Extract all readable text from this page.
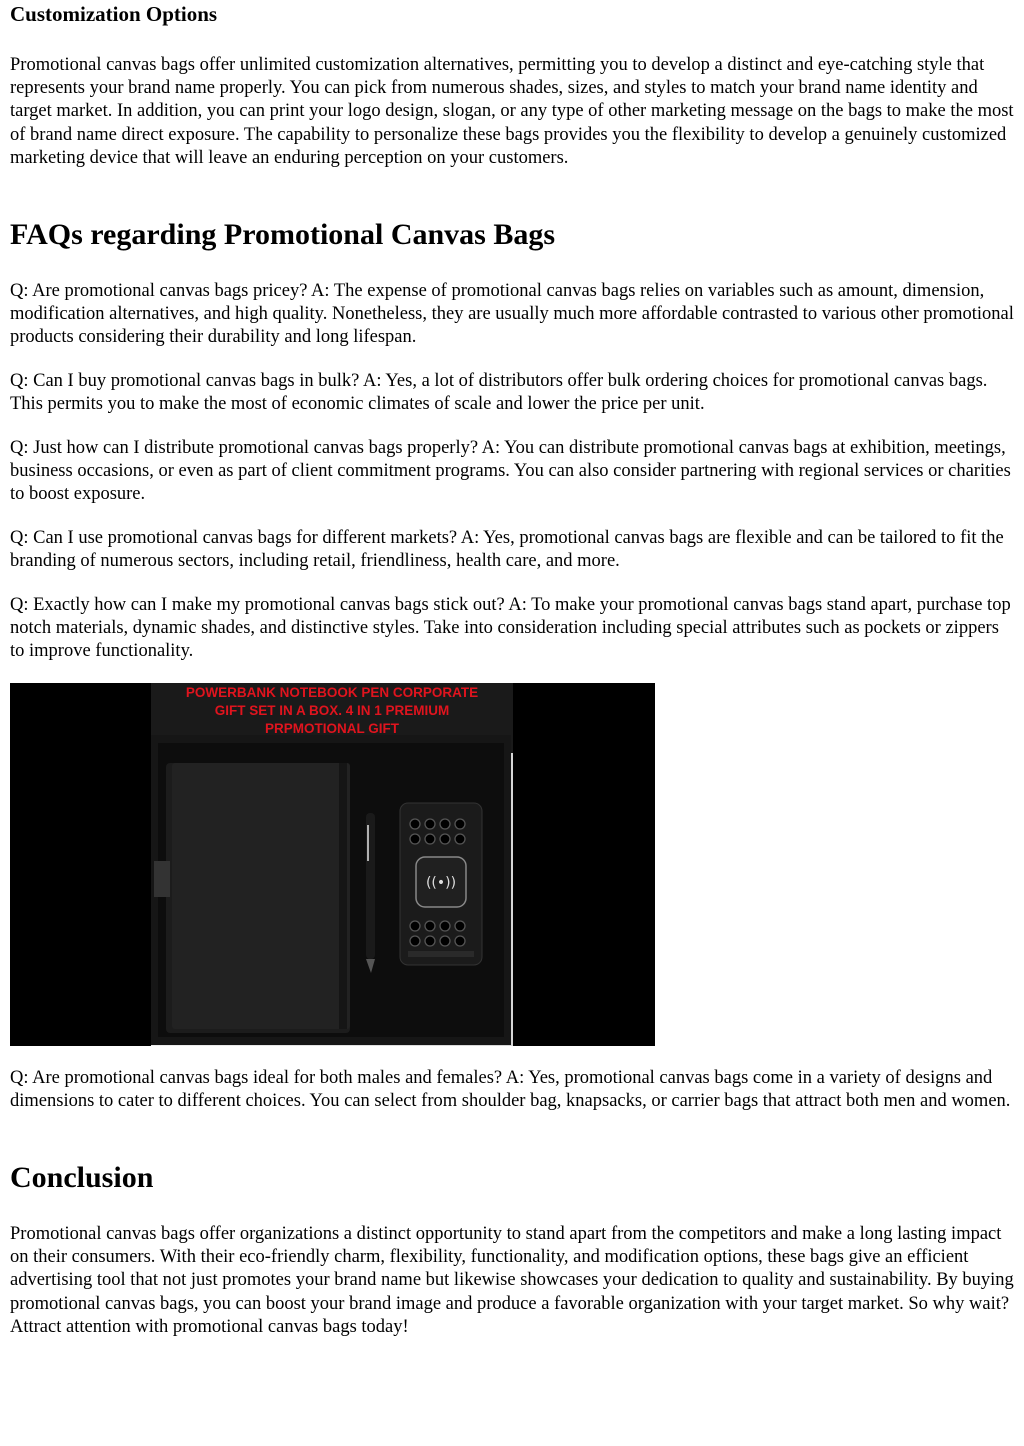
Customization Options

Promotional canvas bags offer unlimited customization alternatives, permitting you to develop a distinct and eye-catching style that represents your brand name properly. You can pick from numerous shades, sizes, and styles to match your brand name identity and target market. In addition, you can print your logo design, slogan, or any type of other marketing message on the bags to make the most of brand name direct exposure. The capability to personalize these bags provides you the flexibility to develop a genuinely customized marketing device that will leave an enduring perception on your customers.

FAQs regarding Promotional Canvas Bags

Q: Are promotional canvas bags pricey? A: The expense of promotional canvas bags relies on variables such as amount, dimension, modification alternatives, and high quality. Nonetheless, they are usually much more affordable contrasted to various other promotional products considering their durability and long lifespan.

Q: Can I buy promotional canvas bags in bulk? A: Yes, a lot of distributors offer bulk ordering choices for promotional canvas bags. This permits you to make the most of economic climates of scale and lower the price per unit.

Q: Just how can I distribute promotional canvas bags properly? A: You can distribute promotional canvas bags at exhibition, meetings, business occasions, or even as part of client commitment programs. You can also consider partnering with regional services or charities to boost exposure.

Q: Can I use promotional canvas bags for different markets? A: Yes, promotional canvas bags are flexible and can be tailored to fit the branding of numerous sectors, including retail, friendliness, health care, and more.

Q: Exactly how can I make my promotional canvas bags stick out? A: To make your promotional canvas bags stand apart, purchase top notch materials, dynamic shades, and distinctive styles. Take into consideration including special attributes such as pockets or zippers to improve functionality.

POWERBANK NOTEBOOK PEN CORPORATE
GIFT SET IN A BOX. 4 IN 1 PREMIUM
PRPMOTIONAL GIFT
((•))

Q: Are promotional canvas bags ideal for both males and females? A: Yes, promotional canvas bags come in a variety of designs and dimensions to cater to different choices. You can select from shoulder bag, knapsacks, or carrier bags that attract both men and women.

Conclusion

Promotional canvas bags offer organizations a distinct opportunity to stand apart from the competitors and make a long lasting impact on their consumers. With their eco-friendly charm, flexibility, functionality, and modification options, these bags give an efficient advertising tool that not just promotes your brand name but likewise showcases your dedication to quality and sustainability. By buying promotional canvas bags, you can boost your brand image and produce a favorable organization with your target market. So why wait? Attract attention with promotional canvas bags today!
